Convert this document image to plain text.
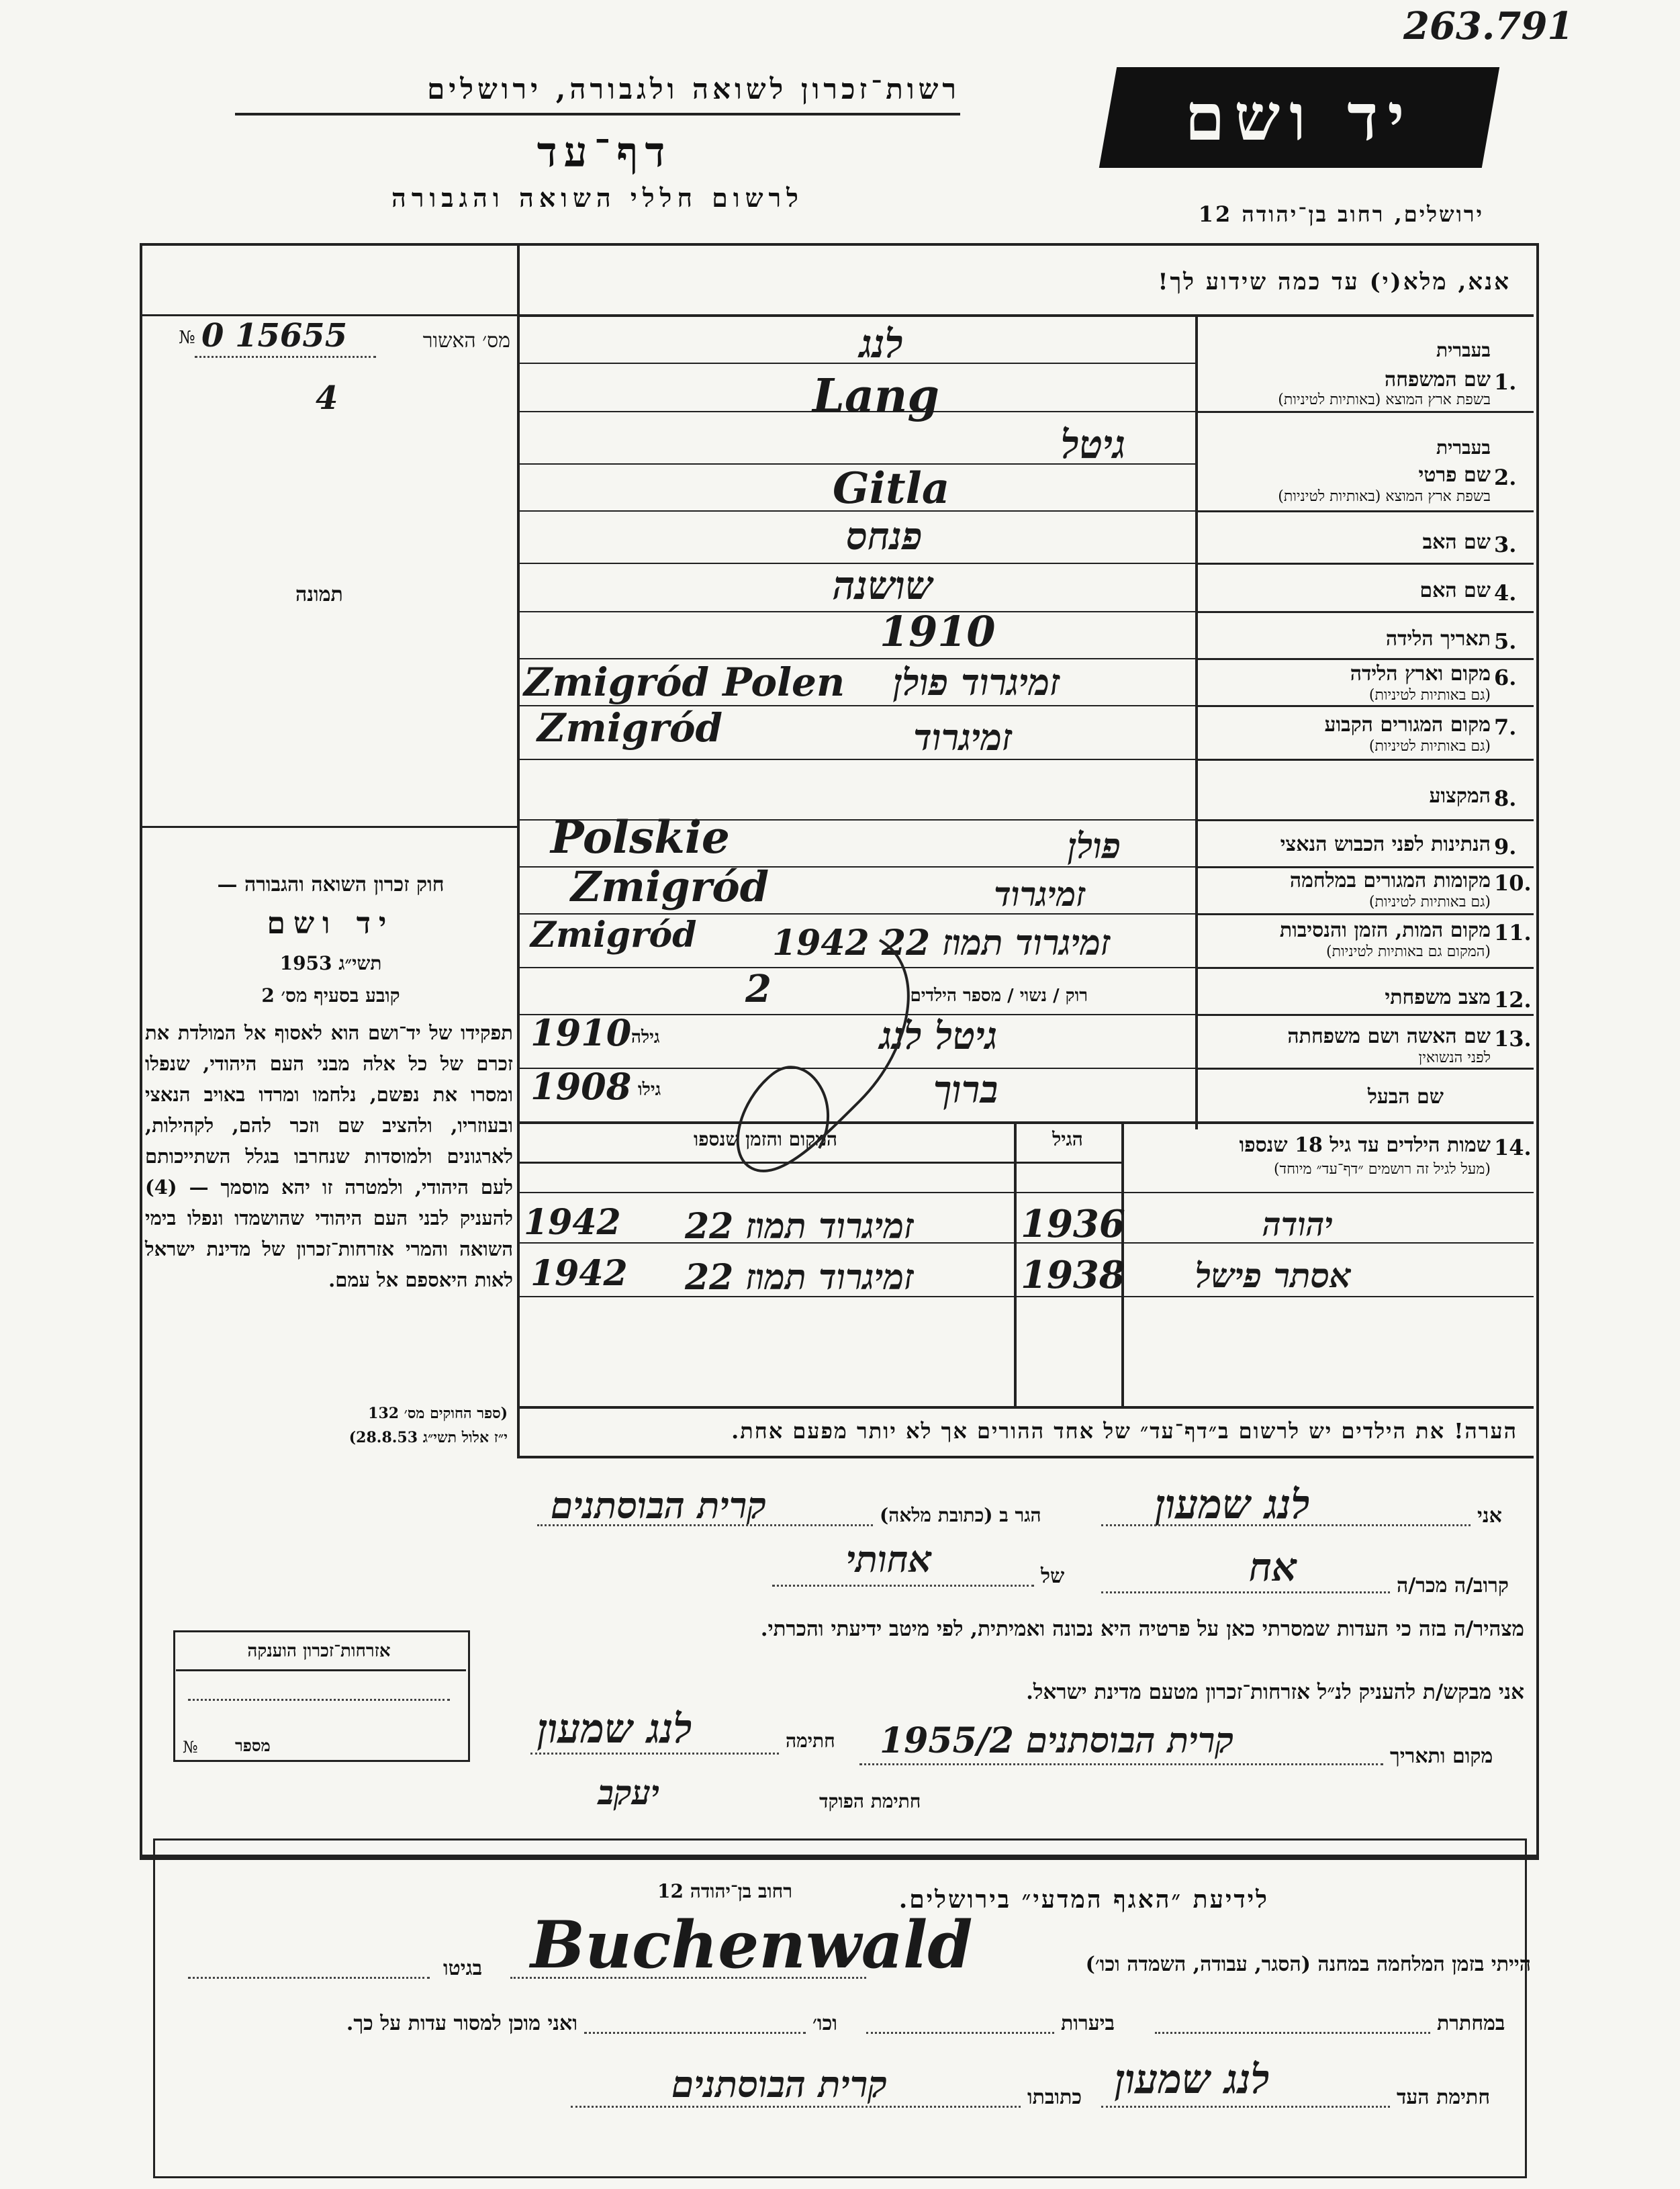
263.791
רשות־זכרון לשואה ולגבורה, ירושלים
דף־עד
לרשום חללי השואה והגבורה
יד ושם
ירושלים, רחוב בן־יהודה 12
אנא, מלא(י) עד כמה שידוע לך!
מס׳ האשור
№ 0 15655
4
תמונה
חוק זכרון השואה והגבורה —
יד ושם
תשי״ג 1953
קובע בסעיף מס׳ 2
תפקידו של יד־ושם הוא לאסוף אל המולדת את זכרם של כל אלה מבני העם היהודי, שנפלו ומסרו את נפשם, נלחמו ומרדו באויב הנאצי ובעוזריו, ולהציב שם וזכר להם, לקהילות, לארגונים ולמוסדות שנחרבו בגלל השתייכותם לעם היהודי, ולמטרה זו יהא מוסמך — (4) להעניק לבני העם היהודי שהושמדו ונפלו בימי השואה והמרי אזרחות־זכרון של מדינת ישראל לאות היאספם אל עמם.
(ספר החוקים מס׳ 132
י״ז אלול תשי״ג 28.8.53)
בעברית
1.
שם המשפחה
בשפת ארץ המוצא (באותיות לטיניות)
לנג
Lang
בעברית
2.
שם פרטי
בשפת ארץ המוצא (באותיות לטיניות)
גיטל
Gitla
3.
שם האב
פנחס
4.
שם האם
שושנה
5.
תאריך הלידה
1910
6.
מקום וארץ הלידה
(גם באותיות לטיניות)
זמיגרוד פולן
Zmigród Polen
7.
מקום המגורים הקבוע
(גם באותיות לטיניות)
זמיגרוד
Zmigród
8.
המקצוע
9.
הנתינות לפני הכבוש הנאצי
פולן
Polskie
10.
מקומות המגורים במלחמה
(גם באותיות לטיניות)
זמיגרוד
Zmigród
11.
מקום המות, הזמן והנסיבות
(המקום גם באותיות לטיניות)
זמיגרוד תמוז 22 1942
Zmigród
12.
מצב משפחתי
רוק / נשוי / מספר הילדים
2
13.
שם האשה ושם משפחתה
לפני הנשואין
גיטל לנג
גילה
1910
שם הבעל
ברוך
גילו
1908
14.
שמות הילדים עד גיל 18 שנספו
(מעל לגיל זה רושמים ״דף־עד״ מיוחד)
הגיל
המקום והזמן שנספו
יהודה
1936
זמיגרוד תמוז 22
1942
אסתר פישל
1938
זמיגרוד תמוז 22
1942
הערה! את הילדים יש לרשום ב״דף־עד״ של אחד ההורים אך לא יותר מפעם אחת.
אני
לנג שמעון
הגר ב (כתובת מלאה)
קרית הבוסתנים
קרוב/ה מכר/ה
אח
של
אחותי
מצהיר/ה בזה כי העדות שמסרתי כאן על פרטיה היא נכונה ואמיתית, לפי מיטב ידיעתי והכרתי.
אני מבקש/ת להעניק לנ״ל אזרחות־זכרון מטעם מדינת ישראל.
מקום ותאריך
קרית הבוסתנים 1955/2
חתימה
לנג שמעון
חתימת הפוקד
יעקב
אזרחות־זכרון הוענקה
מספר
№
לידיעת ״האגף המדעי״ בירושלים.
רחוב בן־יהודה 12
הייתי בזמן המלחמה במחנה (הסגר, עבודה, השמדה וכו׳)
Buchenwald
בגיטו
במחתרת
ביערות
וכו׳
ואני מוכן למסור עדות על כך.
חתימת העד
לנג שמעון
כתובתו
קרית הבוסתנים
